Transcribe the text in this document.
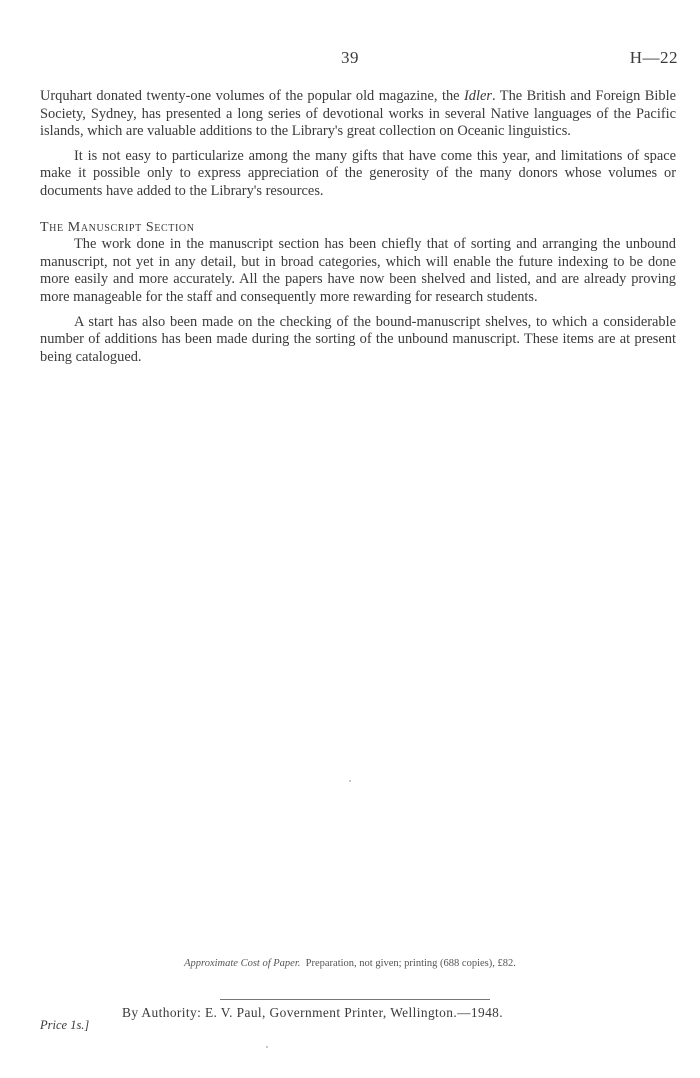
39	H—22

Urquhart donated twenty-one volumes of the popular old magazine, the Idler. The British and Foreign Bible Society, Sydney, has presented a long series of devotional works in several Native languages of the Pacific islands, which are valuable additions to the Library's great collection on Oceanic linguistics.

It is not easy to particularize among the many gifts that have come this year, and limitations of space make it possible only to express appreciation of the generosity of the many donors whose volumes or documents have added to the Library's resources.

The Manuscript Section

The work done in the manuscript section has been chiefly that of sorting and arranging the unbound manuscript, not yet in any detail, but in broad categories, which will enable the future indexing to be done more easily and more accurately. All the papers have now been shelved and listed, and are already proving more manageable for the staff and consequently more rewarding for research students.

A start has also been made on the checking of the bound-manuscript shelves, to which a considerable number of additions has been made during the sorting of the unbound manuscript. These items are at present being catalogued.

Approximate Cost of Paper. Preparation, not given; printing (688 copies), £82.
By Authority: E. V. Paul, Government Printer, Wellington.—1948.
Price 1s.]
